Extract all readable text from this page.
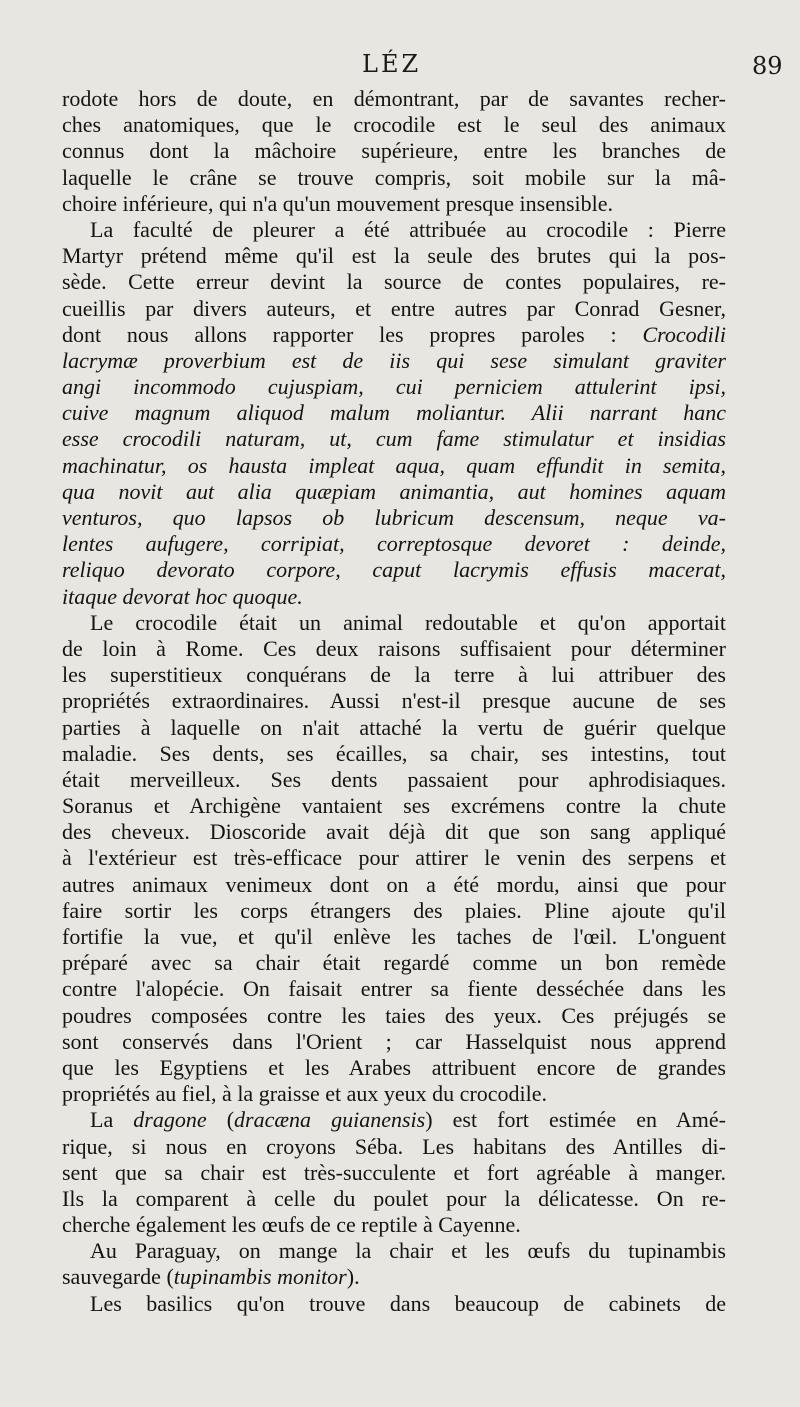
LÉZ	89
rodote hors de doute, en démontrant, par de savantes recher-
ches anatomiques, que le crocodile est le seul des animaux
connus dont la mâchoire supérieure, entre les branches de
laquelle le crâne se trouve compris, soit mobile sur la mâ-
choire inférieure, qui n'a qu'un mouvement presque insensible.
La faculté de pleurer a été attribuée au crocodile : Pierre
Martyr prétend même qu'il est la seule des brutes qui la pos-
sède. Cette erreur devint la source de contes populaires, re-
cueillis par divers auteurs, et entre autres par Conrad Gesner,
dont nous allons rapporter les propres paroles : Crocodili
lacrymæ proverbium est de iis qui sese simulant graviter
angi incommodo cujuspiam, cui perniciem attulerint ipsi,
cuive magnum aliquod malum moliantur. Alii narrant hanc
esse crocodili naturam, ut, cum fame stimulatur et insidias
machinatur, os hausta impleat aqua, quam effundit in semita,
qua novit aut alia quæpiam animantia, aut homines aquam
venturos, quo lapsos ob lubricum descensum, neque va-
lentes aufugere, corripiat, correptosque devoret : deinde,
reliquo devorato corpore, caput lacrymis effusis macerat,
itaque devorat hoc quoque.
Le crocodile était un animal redoutable et qu'on apportait
de loin à Rome. Ces deux raisons suffisaient pour déterminer
les superstitieux conquérans de la terre à lui attribuer des
propriétés extraordinaires. Aussi n'est-il presque aucune de ses
parties à laquelle on n'ait attaché la vertu de guérir quelque
maladie. Ses dents, ses écailles, sa chair, ses intestins, tout
était merveilleux. Ses dents passaient pour aphrodisiaques.
Soranus et Archigène vantaient ses excrémens contre la chute
des cheveux. Dioscoride avait déjà dit que son sang appliqué
à l'extérieur est très-efficace pour attirer le venin des serpens et
autres animaux venimeux dont on a été mordu, ainsi que pour
faire sortir les corps étrangers des plaies. Pline ajoute qu'il
fortifie la vue, et qu'il enlève les taches de l'œil. L'onguent
préparé avec sa chair était regardé comme un bon remède
contre l'alopécie. On faisait entrer sa fiente desséchée dans les
poudres composées contre les taies des yeux. Ces préjugés se
sont conservés dans l'Orient ; car Hasselquist nous apprend
que les Egyptiens et les Arabes attribuent encore de grandes
propriétés au fiel, à la graisse et aux yeux du crocodile.
La dragone (dracæna guianensis) est fort estimée en Amé-
rique, si nous en croyons Séba. Les habitans des Antilles di-
sent que sa chair est très-succulente et fort agréable à manger.
Ils la comparent à celle du poulet pour la délicatesse. On re-
cherche également les œufs de ce reptile à Cayenne.
Au Paraguay, on mange la chair et les œufs du tupinambis
sauvegarde (tupinambis monitor).
Les basilics qu'on trouve dans beaucoup de cabinets de
